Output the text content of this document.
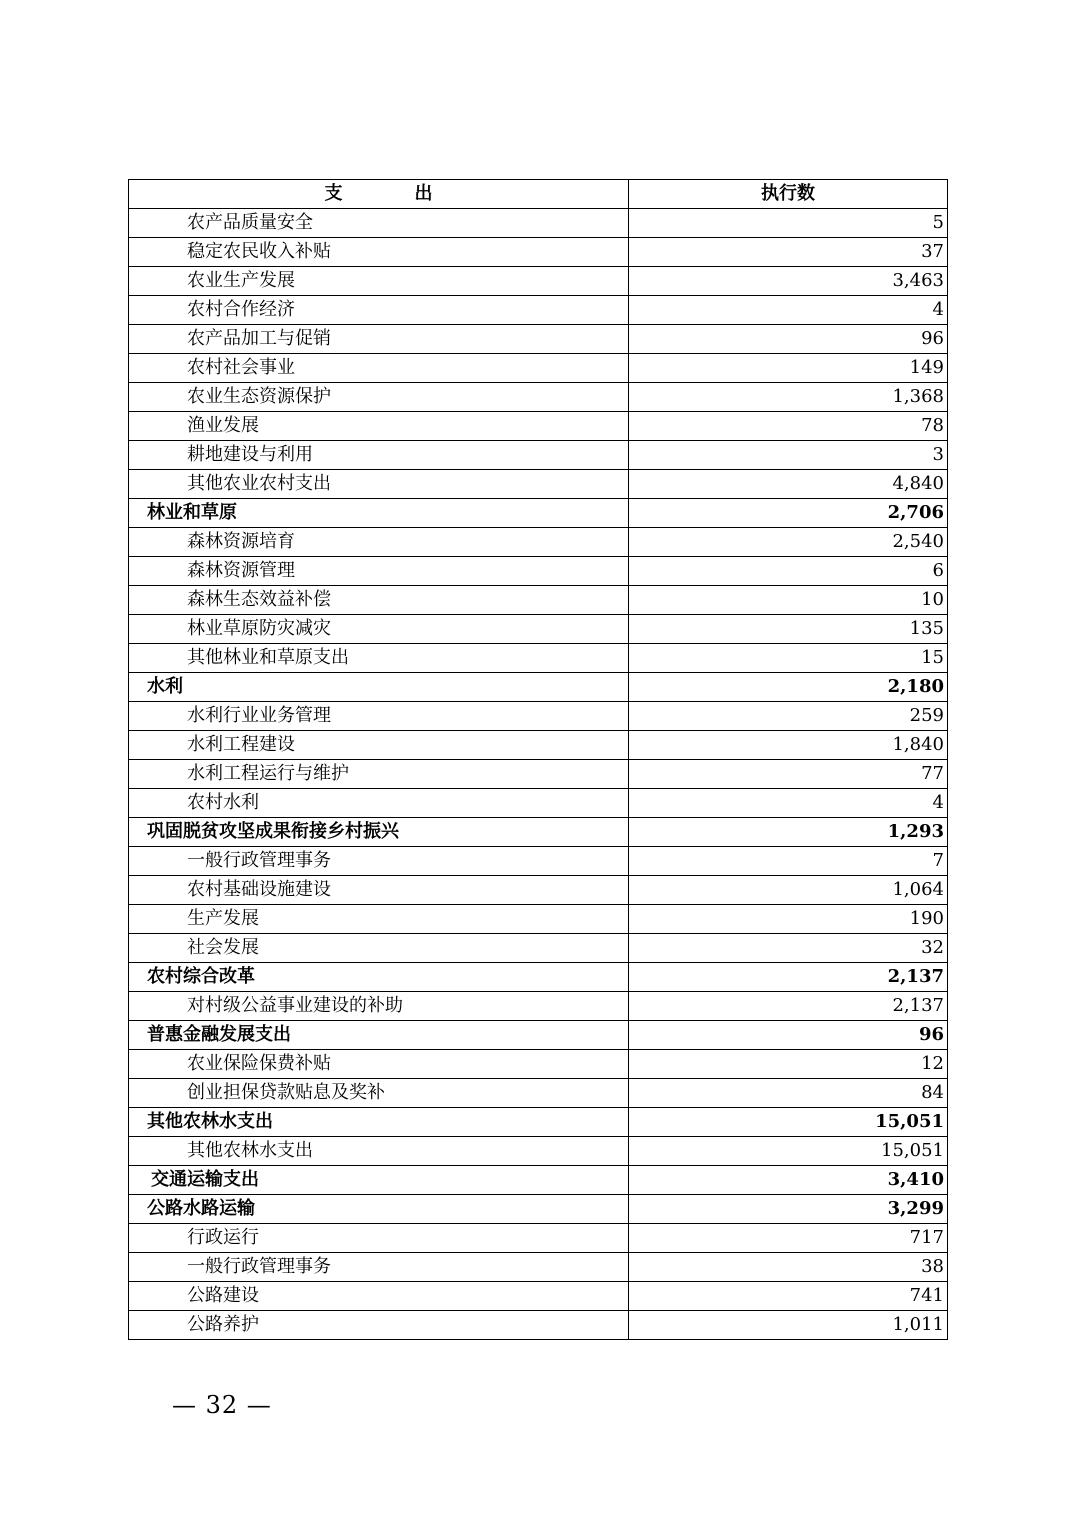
支　　　　出	执行数
农产品质量安全	5
稳定农民收入补贴	37
农业生产发展	3,463
农村合作经济	4
农产品加工与促销	96
农村社会事业	149
农业生态资源保护	1,368
渔业发展	78
耕地建设与利用	3
其他农业农村支出	4,840
林业和草原	2,706
森林资源培育	2,540
森林资源管理	6
森林生态效益补偿	10
林业草原防灾减灾	135
其他林业和草原支出	15
水利	2,180
水利行业业务管理	259
水利工程建设	1,840
水利工程运行与维护	77
农村水利	4
巩固脱贫攻坚成果衔接乡村振兴	1,293
一般行政管理事务	7
农村基础设施建设	1,064
生产发展	190
社会发展	32
农村综合改革	2,137
对村级公益事业建设的补助	2,137
普惠金融发展支出	96
农业保险保费补贴	12
创业担保贷款贴息及奖补	84
其他农林水支出	15,051
其他农林水支出	15,051
交通运输支出	3,410
公路水路运输	3,299
行政运行	717
一般行政管理事务	38
公路建设	741
公路养护	1,011
— 32 —
